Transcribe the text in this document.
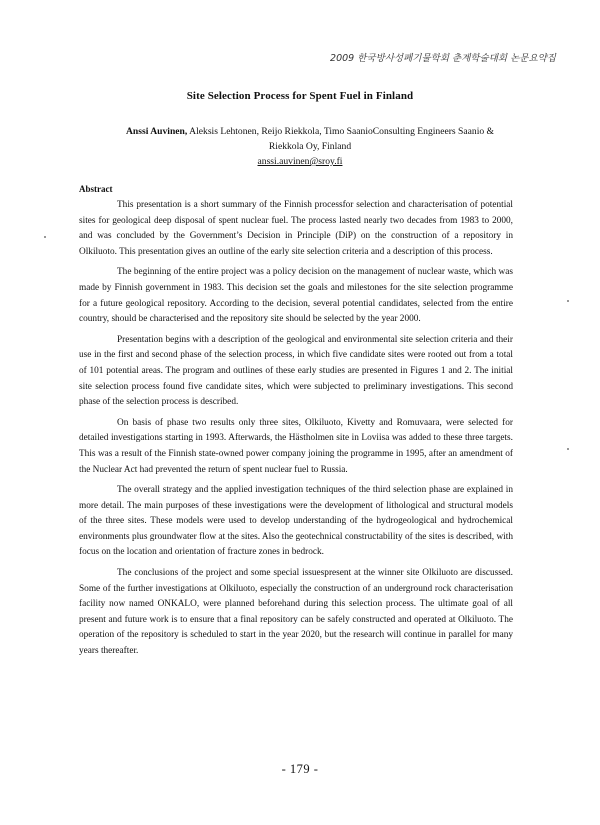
2009 한국방사성폐기물학회 춘계학술대회 논문요약집
Site Selection Process for Spent Fuel in Finland
Anssi Auvinen, Aleksis Lehtonen, Reijo Riekkola, Timo SaanioConsulting Engineers Saanio & Riekkola Oy, Finland
anssi.auvinen@sroy.fi
Abstract

This presentation is a short summary of the Finnish processfor selection and characterisation of potential sites for geological deep disposal of spent nuclear fuel. The process lasted nearly two decades from 1983 to 2000, and was concluded by the Government’s Decision in Principle (DiP) on the construction of a repository in Olkiluoto. This presentation gives an outline of the early site selection criteria and a description of this process.

The beginning of the entire project was a policy decision on the management of nuclear waste, which was made by Finnish government in 1983. This decision set the goals and milestones for the site selection programme for a future geological repository. According to the decision, several potential candidates, selected from the entire country, should be characterised and the repository site should be selected by the year 2000.

Presentation begins with a description of the geological and environmental site selection criteria and their use in the first and second phase of the selection process, in which five candidate sites were rooted out from a total of 101 potential areas. The program and outlines of these early studies are presented in Figures 1 and 2. The initial site selection process found five candidate sites, which were subjected to preliminary investigations. This second phase of the selection process is described.

On basis of phase two results only three sites, Olkiluoto, Kivetty and Romuvaara, were selected for detailed investigations starting in 1993. Afterwards, the Hästholmen site in Loviisa was added to these three targets. This was a result of the Finnish state-owned power company joining the programme in 1995, after an amendment of the Nuclear Act had prevented the return of spent nuclear fuel to Russia.

The overall strategy and the applied investigation techniques of the third selection phase are explained in more detail. The main purposes of these investigations were the development of lithological and structural models of the three sites. These models were used to develop understanding of the hydrogeological and hydrochemical environments plus groundwater flow at the sites. Also the geotechnical constructability of the sites is described, with focus on the location and orientation of fracture zones in bedrock.

The conclusions of the project and some special issuespresent at the winner site Olkiluoto are discussed. Some of the further investigations at Olkiluoto, especially the construction of an underground rock characterisation facility now named ONKALO, were planned beforehand during this selection process. The ultimate goal of all present and future work is to ensure that a final repository can be safely constructed and operated at Olkiluoto. The operation of the repository is scheduled to start in the year 2020, but the research will continue in parallel for many years thereafter.

- 179 -
